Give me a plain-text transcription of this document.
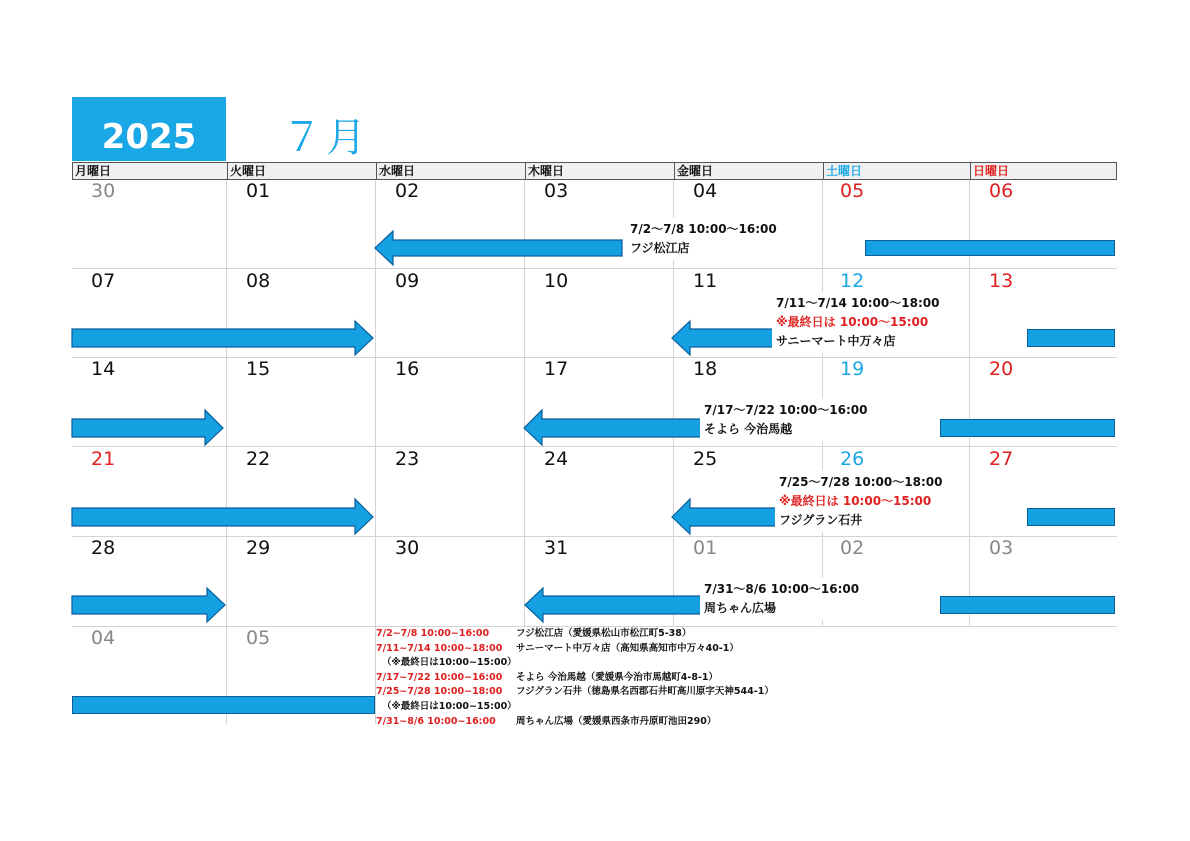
2025	７月
月曜日	火曜日	水曜日	木曜日	金曜日	土曜日	日曜日
30	01	02	03	04	05	06
07	08	09	10	11	12	13
14	15	16	17	18	19	20
21	22	23	24	25	26	27
28	29	30	31	01	02	03
04	05
7/2～7/8 10:00～16:00
フジ松江店
7/11～7/14 10:00～18:00
※最終日は 10:00～15:00
サニーマート中万々店
7/17～7/22 10:00～16:00
そよら 今治馬越
7/25～7/28 10:00～18:00
※最終日は 10:00～15:00
フジグラン石井
7/31～8/6 10:00～16:00
周ちゃん広場
7/2~7/8 10:00~16:00	フジ松江店（愛媛県松山市松江町5-38）
7/11~7/14 10:00~18:00 サニーマート中万々店（高知県高知市中万々40-1）
（※最終日は10:00~15:00）
7/17~7/22 10:00~16:00 そよら 今治馬越（愛媛県今治市馬越町4-8-1）
7/25~7/28 10:00~18:00 フジグラン石井（徳島県名西郡石井町高川原字天神544-1）
（※最終日は10:00~15:00）
7/31~8/6 10:00~16:00 周ちゃん広場（愛媛県西条市丹原町池田290）
